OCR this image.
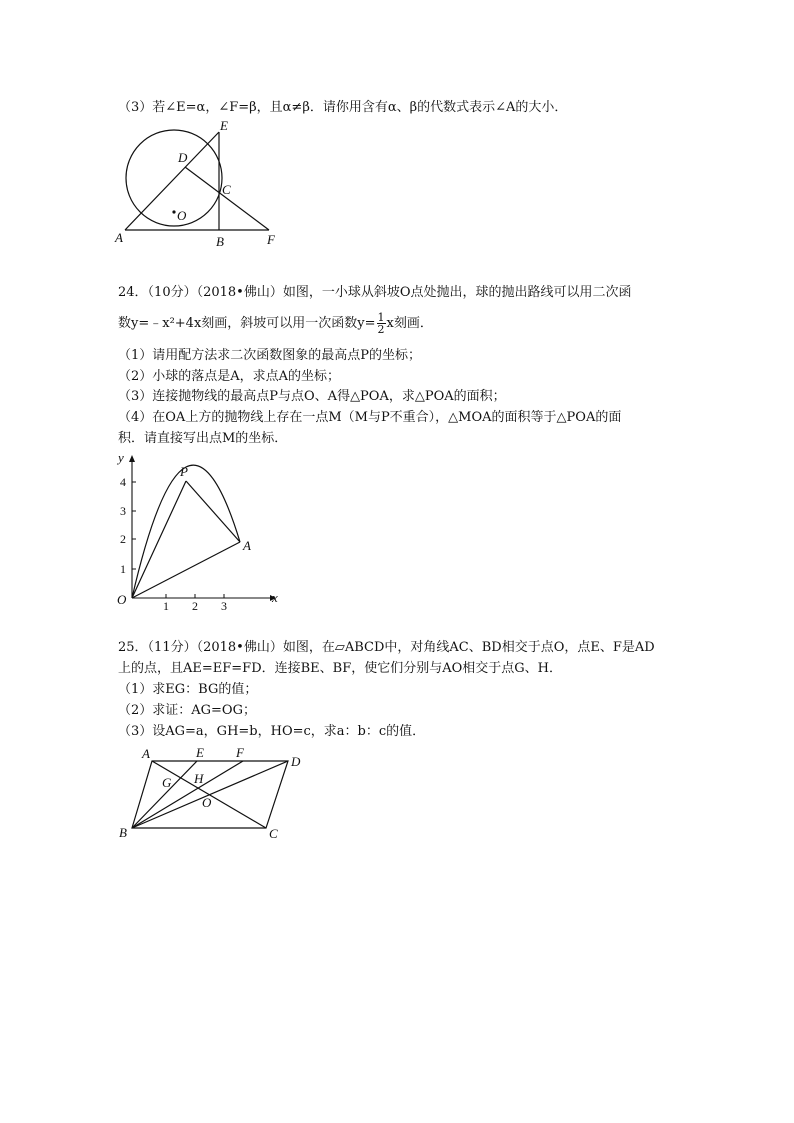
（3）若∠E=α，∠F=β，且α≠β．请你用含有α、β的代数式表示∠A的大小．
E
D
C
O
A	B	F
24．（10分）（2018•佛山）如图，一小球从斜坡O点处抛出，球的抛出路线可以用二次函
数y=﹣x²+4x刻画，斜坡可以用一次函数$y= \frac{1}{2}$ x刻画．
（1）请用配方法求二次函数图象的最高点P的坐标；
（2）小球的落点是A，求点A的坐标；
（3）连接抛物线的最高点P与点O、A得△POA，求△POA的面积；
（4）在OA上方的抛物线上存在一点M（M与P不重合），△MOA的面积等于△POA的面
积．请直接写出点M的坐标．
y
x
O
P
A
1
2
3
4
1 2 3
25．（11分）（2018•佛山）如图，在▱ABCD中，对角线AC、BD相交于点O，点E、F是AD
上的点，且AE=EF=FD．连接BE、BF，使它们分别与AO相交于点G、H．
（1）求EG：BG的值；
（2）求证：AG=OG；
（3）设AG=a，GH=b，HO=c，求a：b：c的值．
A	E F
D
G H
O
B	C
